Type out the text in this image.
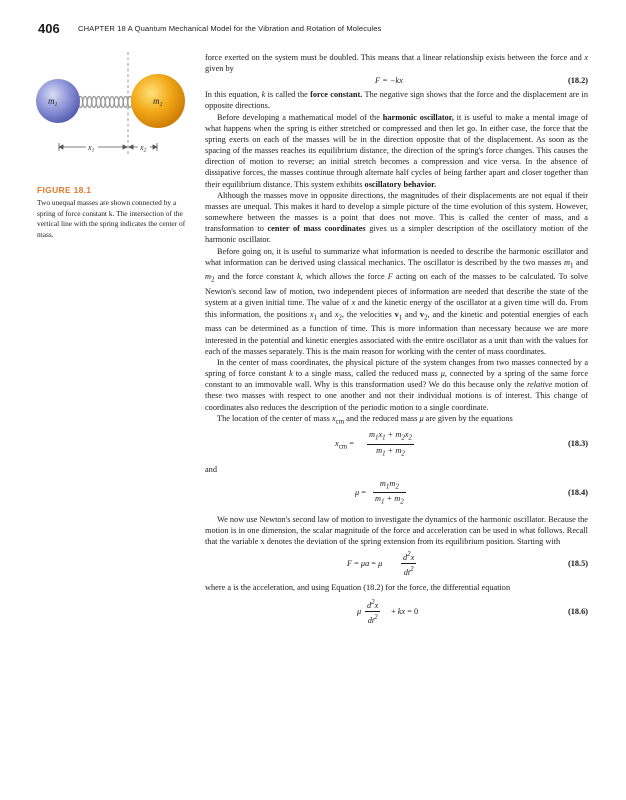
406 CHAPTER 18 A Quantum Mechanical Model for the Vibration and Rotation of Molecules
$m_1$	$m_2$
x1	x2
FIGURE 18.1
Two unequal masses are shown connected by a spring of force constant k. The intersection of the vertical line with the spring indicates the center of mass.

force exerted on the system must be doubled. This means that a linear relationship exists between the force and x given by

F = −kx	(18.2)

In this equation, k is called the force constant. The negative sign shows that the force and the displacement are in opposite directions.

Before developing a mathematical model of the harmonic oscillator, it is useful to make a mental image of what happens when the spring is either stretched or compressed and then let go. In either case, the force that the spring exerts on each of the masses will be in the direction opposite that of the displacement. As soon as the spacing of the masses reaches its equilibrium distance, the direction of the spring's force changes. This causes the direction of motion to reverse; an initial stretch becomes a compression and vice versa. In the absence of dissipative forces, the masses continue through alternate half cycles of being farther apart and closer together than their equilibrium distance. This system exhibits oscillatory behavior.

Although the masses move in opposite directions, the magnitudes of their displacements are not equal if their masses are unequal. This makes it hard to develop a simple picture of the time evolution of this system. However, somewhere between the masses is a point that does not move. This is called the center of mass, and a transformation to center of mass coordinates gives us a simpler description of the oscillatory motion of the harmonic oscillator.

Before going on, it is useful to summarize what information is needed to describe the harmonic oscillator and what information can be derived using classical mechanics. The oscillator is described by the two masses $m_1$ and $m_2$ and the force constant k, which allows the force F acting on each of the masses to be calculated. To solve Newton's second law of motion, two independent pieces of information are needed that describe the state of the system at a given initial time. The value of x and the kinetic energy of the oscillator at a given time will do. From this information, the positions $x_1$ and $x_2$, the velocities $v_1$ and $v_2$, and the kinetic and potential energies of each mass can be determined as a function of time. This is more information than necessary because we are more interested in the potential and kinetic energies associated with the entire oscillator as a unit than with the values for each of the masses separately. This is the main reason for working with the center of mass coordinates.

In the center of mass coordinates, the physical picture of the system changes from two masses connected by a spring of force constant k to a single mass, called the reduced mass μ, connected by a spring of the same force constant to an immovable wall. Why is this transformation used? We do this because only the relative motion of these two masses with respect to one another and not their individual motions is of interest. This change of coordinates also reduces the description of the periodic motion to a single coordinate.

The location of the center of mass $x_{cm}$ and the reduced mass μ are given by the equations

$x_{cm} = \frac{m_1x_1 + m_2x_2}{m_1 + m_2}$	(18.3)

and

$\mu = \frac{m_1m_2}{m_1 + m_2}$	(18.4)

We now use Newton's second law of motion to investigate the dynamics of the harmonic oscillator. Because the motion is in one dimension, the scalar magnitude of the force and acceleration can be used in what follows. Recall that the variable x denotes the deviation of the spring extension from its equilibrium position. Starting with

F = μa = μ $\frac{d^2x}{dt^2}$	(18.5)

where a is the acceleration, and using Equation (18.2) for the force, the differential equation

μ $\frac{d^2x}{dt^2}$ + kx = 0	(18.6)
